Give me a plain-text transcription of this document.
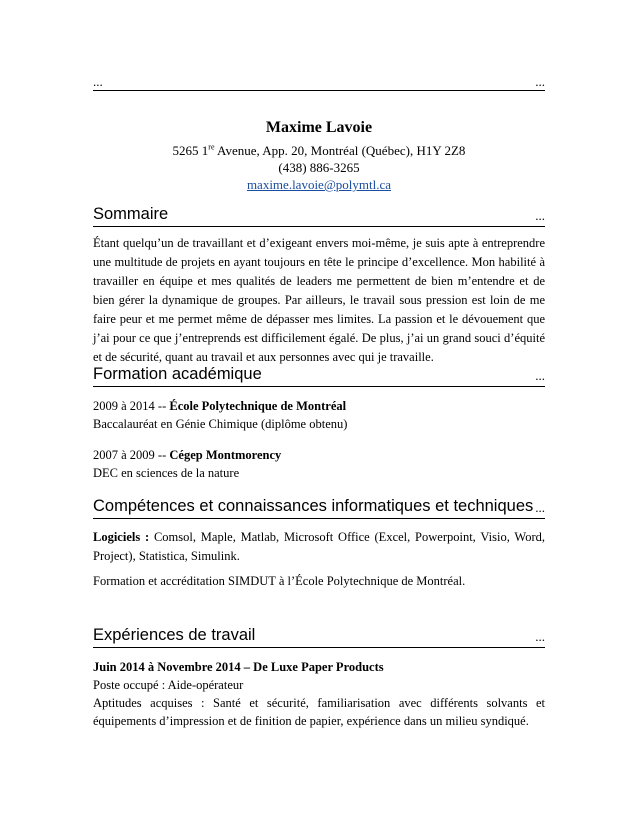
...	...
Maxime Lavoie
5265 1re Avenue, App. 20, Montréal (Québec), H1Y 2Z8
(438) 886-3265
maxime.lavoie@polymtl.ca
Sommaire	...
Étant quelqu’un de travaillant et d’exigeant envers moi-même, je suis apte à entreprendre une multitude de projets en ayant toujours en tête le principe d’excellence. Mon habilité à travailler en équipe et mes qualités de leaders me permettent de bien m’entendre et de bien gérer la dynamique de groupes. Par ailleurs, le travail sous pression est loin de me faire peur et me permet même de dépasser mes limites. La passion et le dévouement que j’ai pour ce que j’entreprends est difficilement égalé. De plus, j’ai un grand souci d’équité et de sécurité, quant au travail et aux personnes avec qui je travaille.
Formation académique	...
2009 à 2014 -- École Polytechnique de Montréal
Baccalauréat en Génie Chimique (diplôme obtenu)
2007 à 2009 -- Cégep Montmorency
DEC en sciences de la nature
Compétences et connaissances informatiques et techniques ...
Logiciels : Comsol, Maple, Matlab, Microsoft Office (Excel, Powerpoint, Visio, Word, Project), Statistica, Simulink.
Formation et accréditation SIMDUT à l’École Polytechnique de Montréal.
Expériences de travail	...
Juin 2014 à Novembre 2014 – De Luxe Paper Products
Poste occupé : Aide-opérateur
Aptitudes acquises : Santé et sécurité, familiarisation avec différents solvants et équipements d’impression et de finition de papier, expérience dans un milieu syndiqué.
